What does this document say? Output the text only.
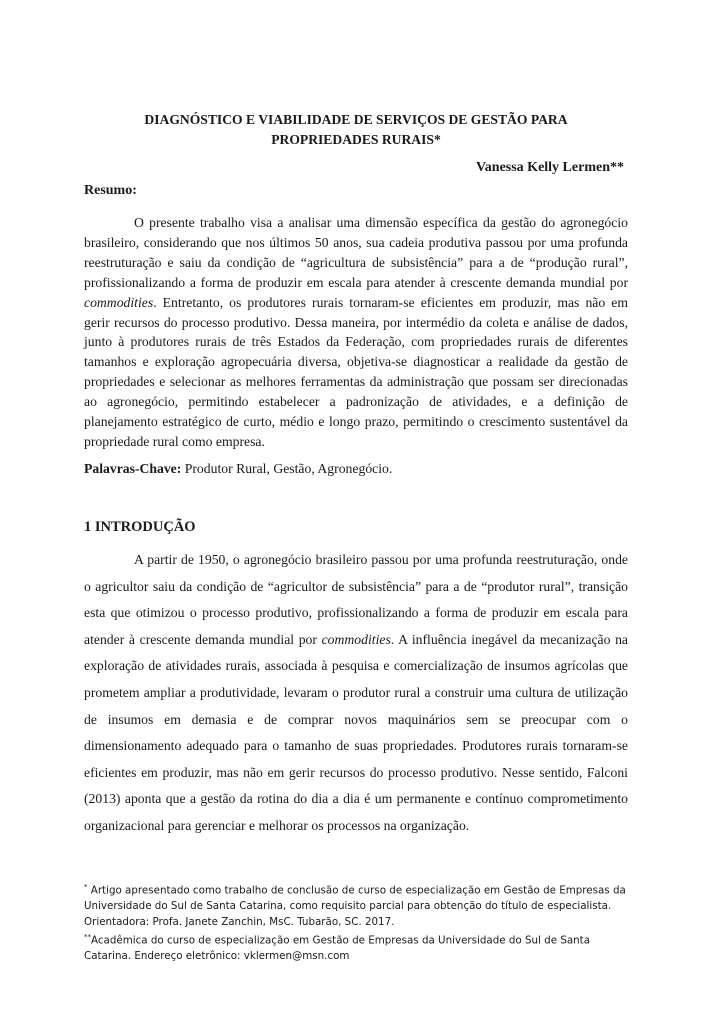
DIAGNÓSTICO E VIABILIDADE DE SERVIÇOS DE GESTÃO PARA
PROPRIEDADES RURAIS*
Vanessa Kelly Lermen**
Resumo:

O presente trabalho visa a analisar uma dimensão específica da gestão do agronegócio brasileiro, considerando que nos últimos 50 anos, sua cadeia produtiva passou por uma profunda reestruturação e saiu da condição de “agricultura de subsistência” para a de “produção rural”, profissionalizando a forma de produzir em escala para atender à crescente demanda mundial por commodities. Entretanto, os produtores rurais tornaram-se eficientes em produzir, mas não em gerir recursos do processo produtivo. Dessa maneira, por intermédio da coleta e análise de dados, junto à produtores rurais de três Estados da Federação, com propriedades rurais de diferentes tamanhos e exploração agropecuária diversa, objetiva-se diagnosticar a realidade da gestão de propriedades e selecionar as melhores ferramentas da administração que possam ser direcionadas ao agronegócio, permitindo estabelecer a padronização de atividades, e a definição de planejamento estratégico de curto, médio e longo prazo, permitindo o crescimento sustentável da propriedade rural como empresa.

Palavras-Chave: Produtor Rural, Gestão, Agronegócio.
1 INTRODUÇÃO

A partir de 1950, o agronegócio brasileiro passou por uma profunda reestruturação, onde o agricultor saiu da condição de “agricultor de subsistência” para a de “produtor rural”, transição esta que otimizou o processo produtivo, profissionalizando a forma de produzir em escala para atender à crescente demanda mundial por commodities. A influência inegável da mecanização na exploração de atividades rurais, associada à pesquisa e comercialização de insumos agrícolas que prometem ampliar a produtividade, levaram o produtor rural a construir uma cultura de utilização de insumos em demasia e de comprar novos maquinários sem se preocupar com o dimensionamento adequado para o tamanho de suas propriedades. Produtores rurais tornaram-se eficientes em produzir, mas não em gerir recursos do processo produtivo. Nesse sentido, Falconi (2013) aponta que a gestão da rotina do dia a dia é um permanente e contínuo comprometimento organizacional para gerenciar e melhorar os processos na organização.

* Artigo apresentado como trabalho de conclusão de curso de especialização em Gestão de Empresas da Universidade do Sul de Santa Catarina, como requisito parcial para obtenção do título de especialista. Orientadora: Profa. Janete Zanchin, MsC. Tubarão, SC. 2017.

**Acadêmica do curso de especialização em Gestão de Empresas da Universidade do Sul de Santa Catarina. Endereço eletrônico: vklermen@msn.com
